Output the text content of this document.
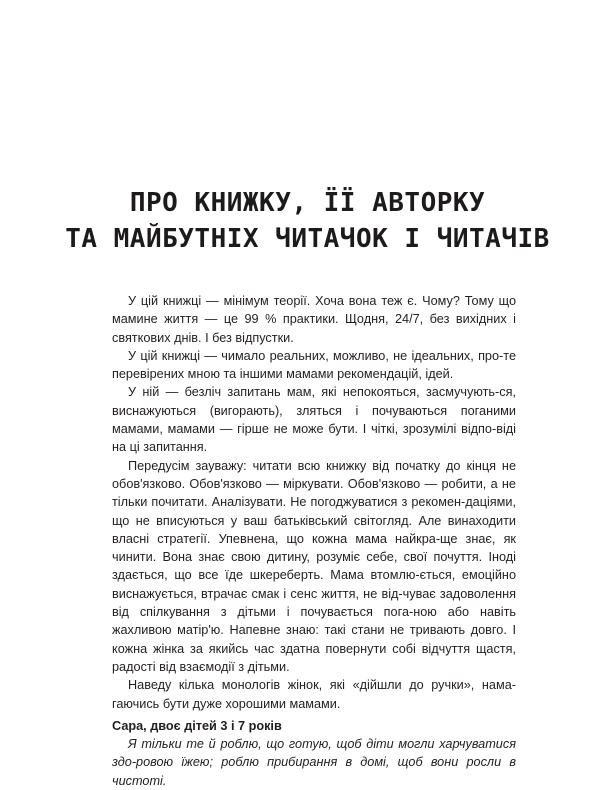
ПРО КНИЖКУ, ЇЇ АВТОРКУ
ТА МАЙБУТНІХ ЧИТАЧОК І ЧИТАЧІВ

У цій книжці — мінімум теорії. Хоча вона теж є. Чому? Тому що мамине життя — це 99 % практики. Щодня, 24/7, без вихідних і святкових днів. І без відпустки.

У цій книжці — чимало реальних, можливо, не ідеальних, про-те перевірених мною та іншими мамами рекомендацій, ідей.

У ній — безліч запитань мам, які непокояться, засмучують-ся, виснажуються (вигорають), зляться і почуваються поганими мамами, мамами — гірше не може бути. І чіткі, зрозумілі відпо-віді на ці запитання.

Передусім зауважу: читати всю книжку від початку до кінця не обов'язково. Обов'язково — міркувати. Обов'язково — робити, а не тільки почитати. Аналізувати. Не погоджуватися з рекомен-даціями, що не вписуються у ваш батьківський світогляд. Але винаходити власні стратегії. Упевнена, що кожна мама найкра-ще знає, як чинити. Вона знає свою дитину, розуміє себе, свої почуття. Іноді здається, що все їде шкереберть. Мама втомлю-ється, емоційно виснажується, втрачає смак і сенс життя, не від-чуває задоволення від спілкування з дітьми і почувається пога-ною або навіть жахливою матір'ю. Напевне знаю: такі стани не тривають довго. І кожна жінка за якийсь час здатна повернути собі відчуття щастя, радості від взаємодії з дітьми.

Наведу кілька монологів жінок, які «дійшли до ручки», нама-гаючись бути дуже хорошими мамами.

Сара, двоє дітей 3 і 7 років

Я тільки те й роблю, що готую, щоб діти могли харчуватися здо-ровою їжею; роблю прибирання в домі, щоб вони росли в чистоті.
